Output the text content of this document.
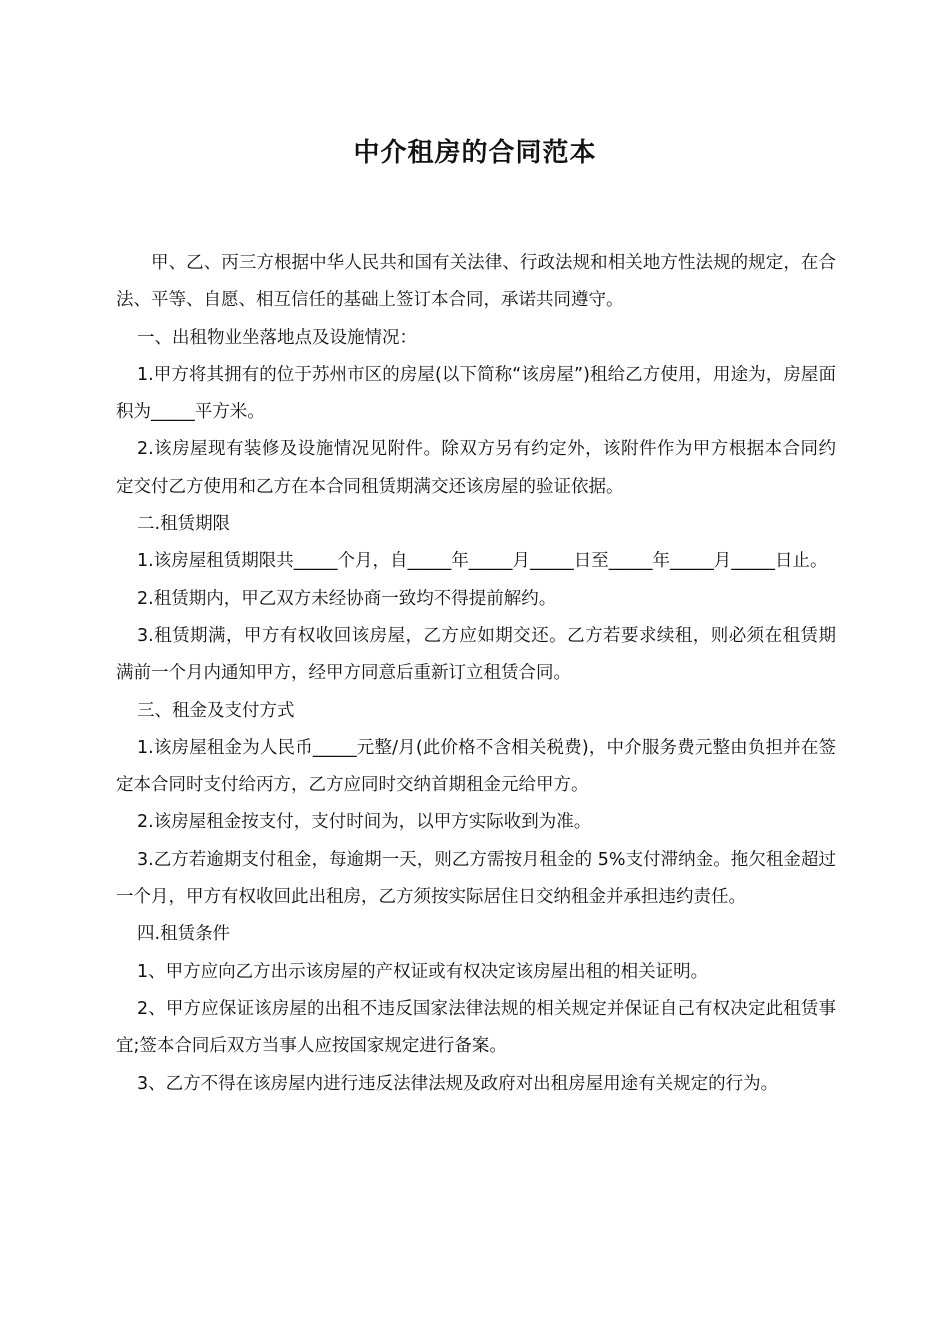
中介租房的合同范本

甲、乙、丙三方根据中华人民共和国有关法律、行政法规和相关地方性法规的规定，在合法、平等、自愿、相互信任的基础上签订本合同，承诺共同遵守。

一、出租物业坐落地点及设施情况：

1.甲方将其拥有的位于苏州市区的房屋(以下简称“该房屋”)租给乙方使用，用途为，房屋面积为_____平方米。

2.该房屋现有装修及设施情况见附件。除双方另有约定外，该附件作为甲方根据本合同约定交付乙方使用和乙方在本合同租赁期满交还该房屋的验证依据。

二.租赁期限

1.该房屋租赁期限共_____个月，自_____年_____月_____日至_____年_____月_____日止。

2.租赁期内，甲乙双方未经协商一致均不得提前解约。

3.租赁期满，甲方有权收回该房屋，乙方应如期交还。乙方若要求续租，则必须在租赁期满前一个月内通知甲方，经甲方同意后重新订立租赁合同。

三、租金及支付方式

1.该房屋租金为人民币_____元整/月(此价格不含相关税费)，中介服务费元整由负担并在签定本合同时支付给丙方，乙方应同时交纳首期租金元给甲方。

2.该房屋租金按支付，支付时间为，以甲方实际收到为准。

3.乙方若逾期支付租金，每逾期一天，则乙方需按月租金的 5%支付滞纳金。拖欠租金超过一个月，甲方有权收回此出租房，乙方须按实际居住日交纳租金并承担违约责任。

四.租赁条件

1、甲方应向乙方出示该房屋的产权证或有权决定该房屋出租的相关证明。

2、甲方应保证该房屋的出租不违反国家法律法规的相关规定并保证自己有权决定此租赁事宜;签本合同后双方当事人应按国家规定进行备案。

3、乙方不得在该房屋内进行违反法律法规及政府对出租房屋用途有关规定的行为。
